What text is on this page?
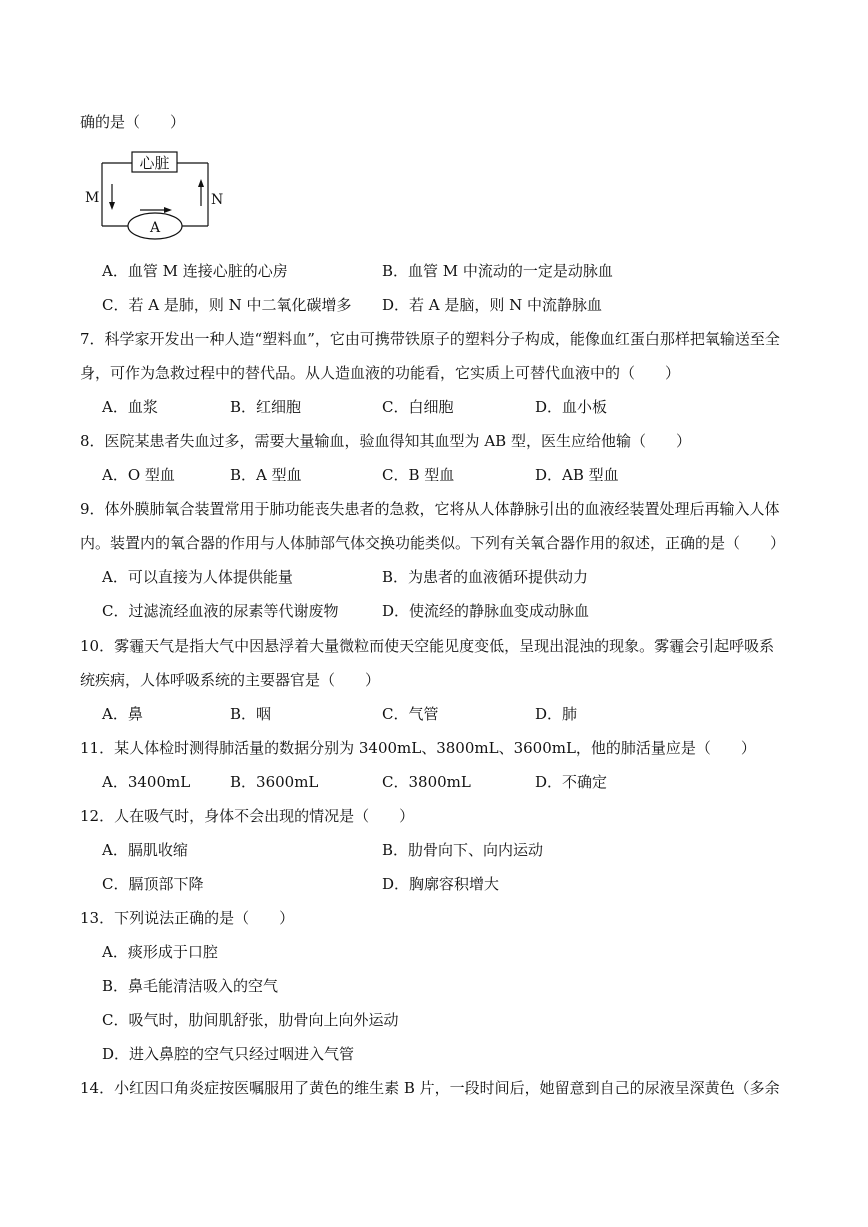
确的是（　　）
心脏
A
M	N
A．血管 M 连接心脏的心房	B．血管 M 中流动的一定是动脉血
C．若 A 是肺，则 N 中二氧化碳增多 D．若 A 是脑，则 N 中流静脉血
7．科学家开发出一种人造“塑料血”，它由可携带铁原子的塑料分子构成，能像血红蛋白那样把氧输送至全
身，可作为急救过程中的替代品。从人造血液的功能看，它实质上可替代血液中的（　　）
A．血浆	B．红细胞	C．白细胞	D．血小板
8．医院某患者失血过多，需要大量输血，验血得知其血型为 AB 型，医生应给他输（　　）
A．O 型血	B．A 型血	C．B 型血	D．AB 型血
9．体外膜肺氧合装置常用于肺功能丧失患者的急救，它将从人体静脉引出的血液经装置处理后再输入人体
内。装置内的氧合器的作用与人体肺部气体交换功能类似。下列有关氧合器作用的叙述，正确的是（　　）
A．可以直接为人体提供能量	B．为患者的血液循环提供动力
C．过滤流经血液的尿素等代谢废物	D．使流经的静脉血变成动脉血
10．雾霾天气是指大气中因悬浮着大量微粒而使天空能见度变低，呈现出混浊的现象。雾霾会引起呼吸系
统疾病，人体呼吸系统的主要器官是（　　）
A．鼻	B．咽	C．气管	D．肺
11．某人体检时测得肺活量的数据分别为 3400mL、3800mL、3600mL，他的肺活量应是（　　）
A．3400mL	B．3600mL	C．3800mL	D．不确定
12．人在吸气时，身体不会出现的情况是（　　）
A．膈肌收缩	B．肋骨向下、向内运动
C．膈顶部下降	D．胸廓容积增大
13．下列说法正确的是（　　）
A．痰形成于口腔
B．鼻毛能清洁吸入的空气
C．吸气时，肋间肌舒张，肋骨向上向外运动
D．进入鼻腔的空气只经过咽进入气管
14．小红因口角炎症按医嘱服用了黄色的维生素 B 片，一段时间后，她留意到自己的尿液呈深黄色（多余
